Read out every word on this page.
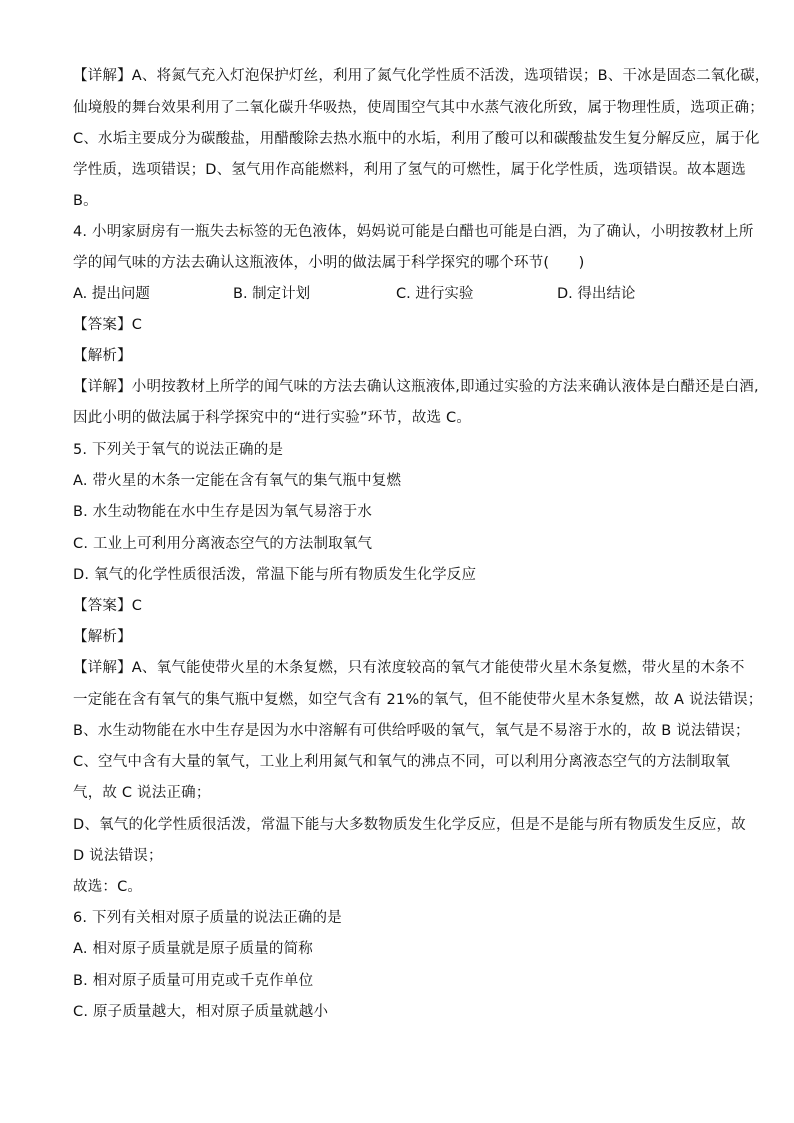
【详解】A、将氮气充入灯泡保护灯丝，利用了氮气化学性质不活泼，选项错误；B、干冰是固态二氧化碳，
仙境般的舞台效果利用了二氧化碳升华吸热，使周围空气其中水蒸气液化所致，属于物理性质，选项正确；
C、水垢主要成分为碳酸盐，用醋酸除去热水瓶中的水垢，利用了酸可以和碳酸盐发生复分解反应，属于化
学性质，选项错误；D、氢气用作高能燃料，利用了氢气的可燃性，属于化学性质，选项错误。故本题选
B。
4. 小明家厨房有一瓶失去标签的无色液体，妈妈说可能是白醋也可能是白酒，为了确认，小明按教材上所
学的闻气味的方法去确认这瓶液体，小明的做法属于科学探究的哪个环节(　　)
A. 提出问题	B. 制定计划	C. 进行实验	D. 得出结论
【答案】C
【解析】
【详解】小明按教材上所学的闻气味的方法去确认这瓶液体,即通过实验的方法来确认液体是白醋还是白酒,
因此小明的做法属于科学探究中的“进行实验”环节，故选 C。
5. 下列关于氧气的说法正确的是
A. 带火星的木条一定能在含有氧气的集气瓶中复燃
B. 水生动物能在水中生存是因为氧气易溶于水
C. 工业上可利用分离液态空气的方法制取氧气
D. 氧气的化学性质很活泼，常温下能与所有物质发生化学反应
【答案】C
【解析】
【详解】A、氧气能使带火星的木条复燃，只有浓度较高的氧气才能使带火星木条复燃，带火星的木条不
一定能在含有氧气的集气瓶中复燃，如空气含有 21%的氧气，但不能使带火星木条复燃，故 A 说法错误；
B、水生动物能在水中生存是因为水中溶解有可供给呼吸的氧气，氧气是不易溶于水的，故 B 说法错误；
C、空气中含有大量的氧气，工业上利用氮气和氧气的沸点不同，可以利用分离液态空气的方法制取氧
气，故 C 说法正确；
D、氧气的化学性质很活泼，常温下能与大多数物质发生化学反应，但是不是能与所有物质发生反应，故
D 说法错误；
故选：C。
6. 下列有关相对原子质量的说法正确的是
A. 相对原子质量就是原子质量的简称
B. 相对原子质量可用克或千克作单位
C. 原子质量越大，相对原子质量就越小
